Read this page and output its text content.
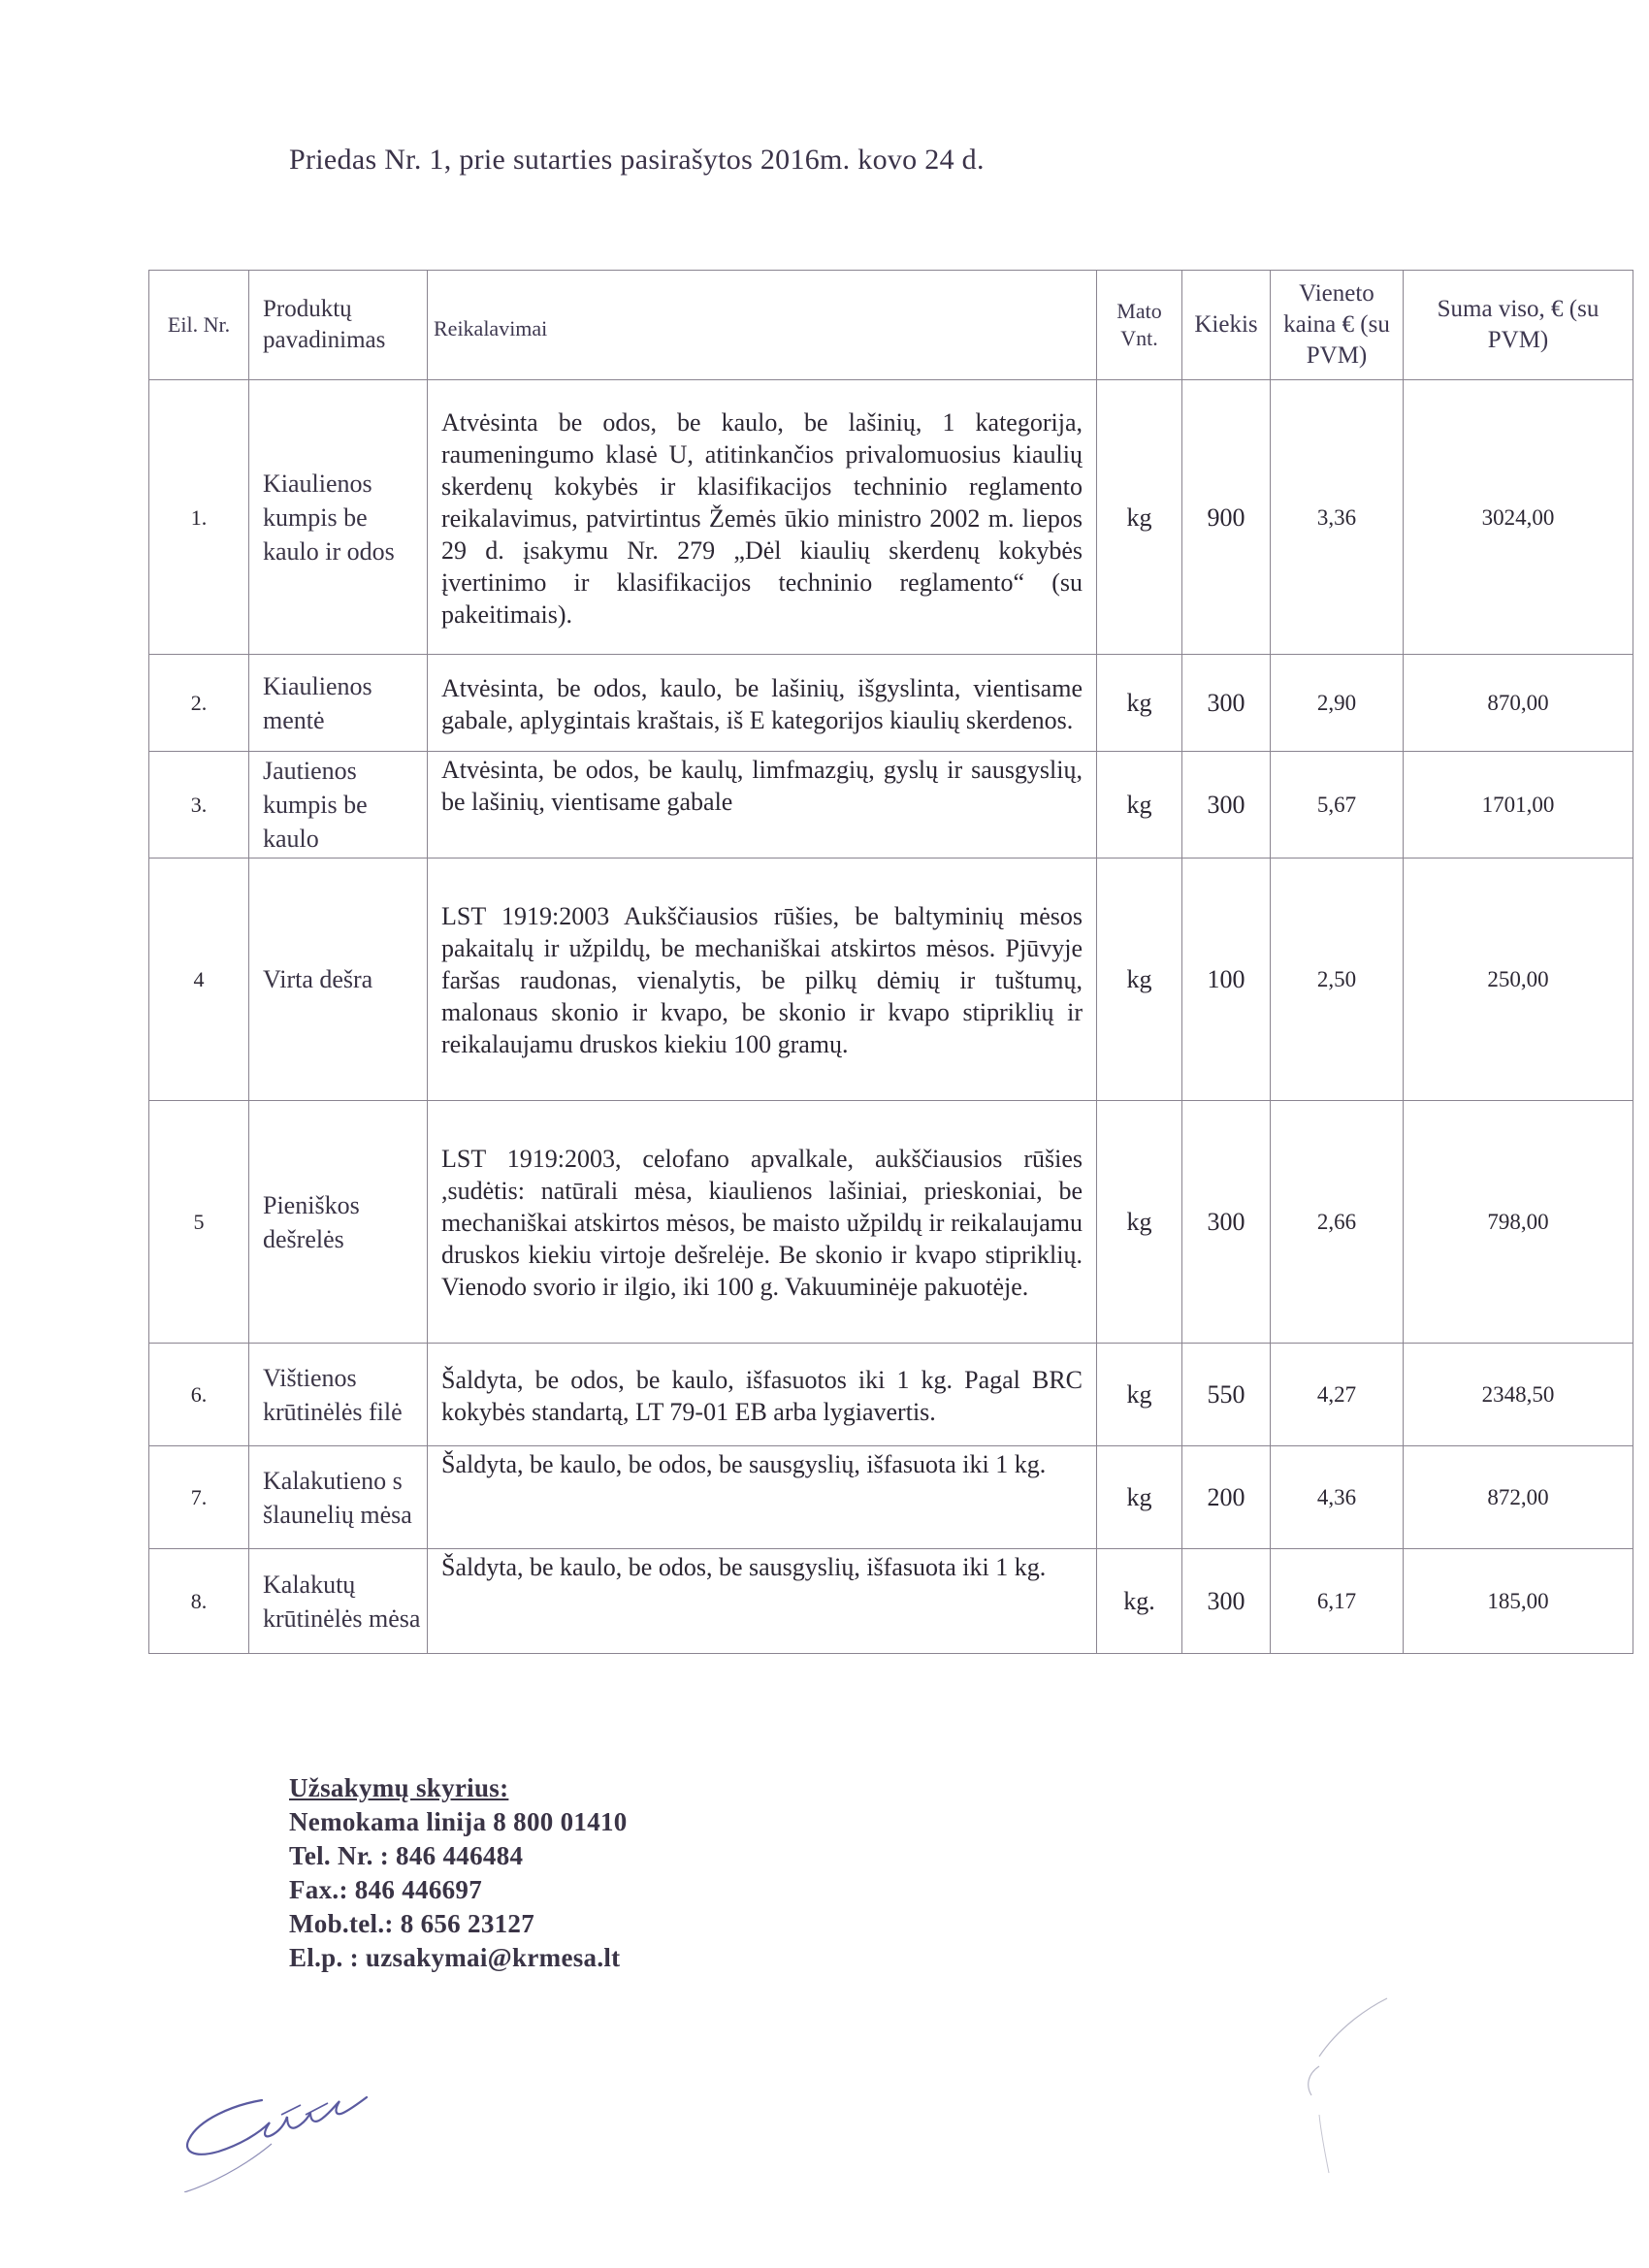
Priedas Nr. 1, prie sutarties pasirašytos 2016m. kovo 24 d.
Eil. Nr.	Produktų pavadinimas	Reikalavimai	Mato Vnt.	Kiekis	Vieneto kaina € (su PVM)	Suma viso, € (su PVM)
1.	Kiaulienos kumpis be kaulo ir odos	Atvėsinta be odos, be kaulo, be lašinių, 1 kategorija, raumeningumo klasė U, atitinkančios privalomuosius kiaulių skerdenų kokybės ir klasifikacijos techninio reglamento reikalavimus, patvirtintus Žemės ūkio ministro 2002 m. liepos 29 d. įsakymu Nr. 279 „Dėl kiaulių skerdenų kokybės įvertinimo ir klasifikacijos techninio reglamento“ (su pakeitimais).	kg	900	3,36	3024,00
2.	Kiaulienos mentė	Atvėsinta, be odos, kaulo, be lašinių, išgyslinta, vientisame gabale, aplygintais kraštais, iš E kategorijos kiaulių skerdenos.	kg	300	2,90	870,00
3.	Jautienos kumpis be kaulo	Atvėsinta, be odos, be kaulų, limfmazgių, gyslų ir sausgyslių, be lašinių, vientisame gabale	kg	300	5,67	1701,00
4	Virta dešra	LST 1919:2003 Aukščiausios rūšies, be baltyminių mėsos pakaitalų ir užpildų, be mechaniškai atskirtos mėsos. Pjūvyje faršas raudonas, vienalytis, be pilkų dėmių ir tuštumų, malonaus skonio ir kvapo, be skonio ir kvapo stipriklių ir reikalaujamu druskos kiekiu 100 gramų.	kg	100	2,50	250,00
5	Pieniškos dešrelės	LST 1919:2003, celofano apvalkale, aukščiausios rūšies ,sudėtis: natūrali mėsa, kiaulienos lašiniai, prieskoniai, be mechaniškai atskirtos mėsos, be maisto užpildų ir reikalaujamu druskos kiekiu virtoje dešrelėje. Be skonio ir kvapo stipriklių. Vienodo svorio ir ilgio, iki 100 g. Vakuuminėje pakuotėje.	kg	300	2,66	798,00
6.	Vištienos krūtinėlės filė	Šaldyta, be odos, be kaulo, išfasuotos iki 1 kg. Pagal BRC kokybės standartą, LT 79-01 EB arba lygiavertis.	kg	550	4,27	2348,50
7.	Kalakutieno s šlaunelių mėsa	Šaldyta, be kaulo, be odos, be sausgyslių, išfasuota iki 1 kg.	kg	200	4,36	872,00
8.	Kalakutų krūtinėlės mėsa	Šaldyta, be kaulo, be odos, be sausgyslių, išfasuota iki 1 kg.	kg.	300	6,17	185,00
Užsakymų skyrius:
Nemokama linija 8 800 01410
Tel. Nr. : 846 446484
Fax.: 846 446697
Mob.tel.: 8 656 23127
El.p. : uzsakymai@krmesa.lt
